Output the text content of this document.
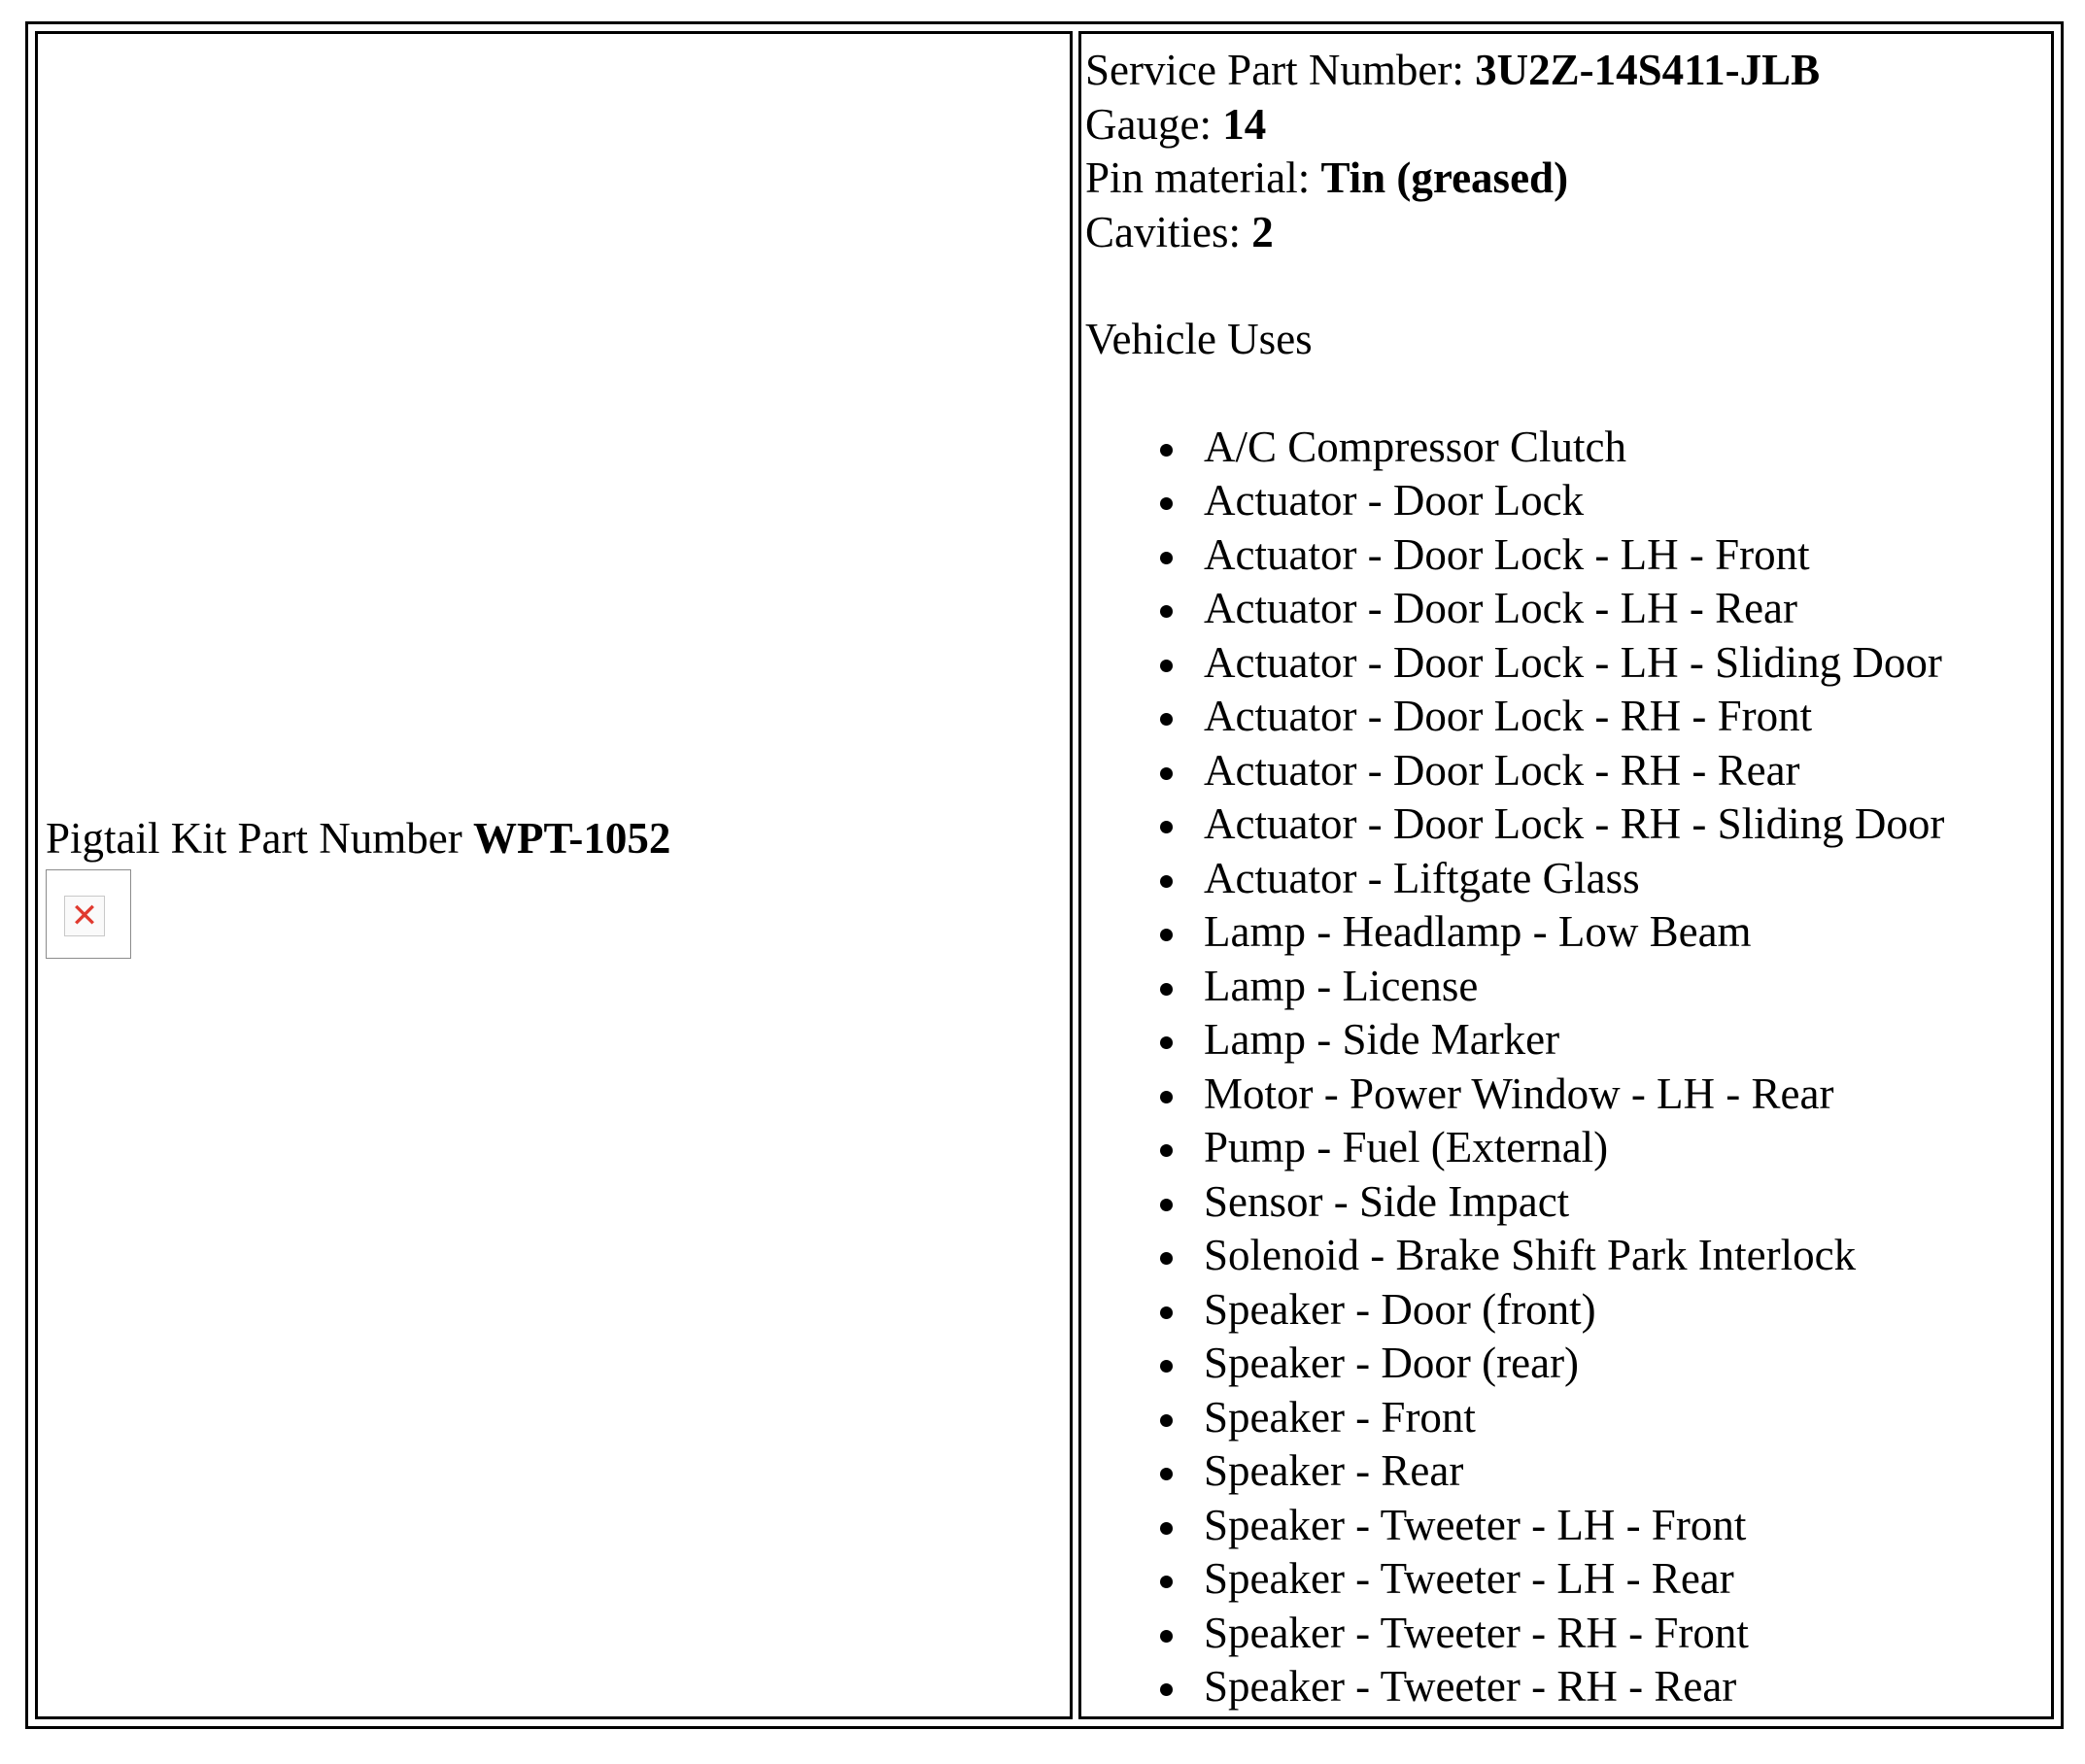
Pigtail Kit Part Number WPT-1052
✕
Service Part Number: 3U2Z-14S411-JLB
Gauge: 14
Pin material: Tin (greased)
Cavities: 2
Vehicle Uses
A/C Compressor Clutch
Actuator - Door Lock
Actuator - Door Lock - LH - Front
Actuator - Door Lock - LH - Rear
Actuator - Door Lock - LH - Sliding Door
Actuator - Door Lock - RH - Front
Actuator - Door Lock - RH - Rear
Actuator - Door Lock - RH - Sliding Door
Actuator - Liftgate Glass
Lamp - Headlamp - Low Beam
Lamp - License
Lamp - Side Marker
Motor - Power Window - LH - Rear
Pump - Fuel (External)
Sensor - Side Impact
Solenoid - Brake Shift Park Interlock
Speaker - Door (front)
Speaker - Door (rear)
Speaker - Front
Speaker - Rear
Speaker - Tweeter - LH - Front
Speaker - Tweeter - LH - Rear
Speaker - Tweeter - RH - Front
Speaker - Tweeter - RH - Rear
